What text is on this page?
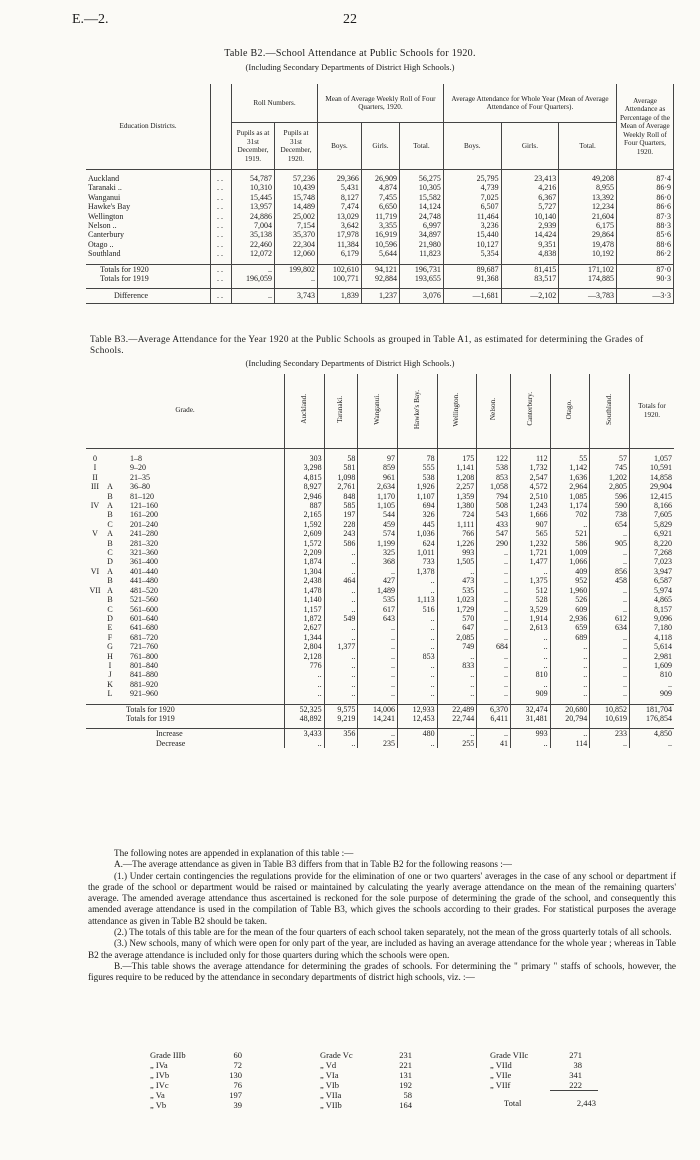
E.—2.	22
Table B2.—School Attendance at Public Schools for 1920.
(Including Secondary Departments of District High Schools.)
Education Districts.		Roll Numbers.		Mean of Average Weekly Roll of Four Quarters, 1920.			Average Attendance for Whole Year (Mean of Average Attendance of Four Quarters).			Average Attendance as Percentage of the Mean of Average Weekly Roll of Four Quarters, 1920.
		Pupils as at 31st December, 1919.	Pupils at 31st December, 1920.	Boys.	Girls.	Total.	Boys.	Girls.	Total.	

Auckland	..	54,787	57,236	29,366	26,909	56,275	25,795	23,413	49,208	87·4
Taranaki ..	..	10,310	10,439	5,431	4,874	10,305	4,739	4,216	8,955	86·9
Wanganui	..	15,445	15,748	8,127	7,455	15,582	7,025	6,367	13,392	86·0
Hawke's Bay	..	13,957	14,489	7,474	6,650	14,124	6,507	5,727	12,234	86·6
Wellington	..	24,886	25,002	13,029	11,719	24,748	11,464	10,140	21,604	87·3
Nelson ..	..	7,004	7,154	3,642	3,355	6,997	3,236	2,939	6,175	88·3
Canterbury	..	35,138	35,370	17,978	16,919	34,897	15,440	14,424	29,864	85·6
Otago ..	..	22,460	22,304	11,384	10,596	21,980	10,127	9,351	19,478	88·6
Southland	..	12,072	12,060	6,179	5,644	11,823	5,354	4,838	10,192	86·2

Totals for 1920	..	..	199,802	102,610	94,121	196,731	89,687	81,415	171,102	87·0
Totals for 1919	..	196,059	..	100,771	92,884	193,655	91,368	83,517	174,885	90·3

Difference	..	..	3,743	1,839	1,237	3,076	—1,681	—2,102	—3,783	—3·3
Table B3.—Average Attendance for the Year 1920 at the Public Schools as grouped in Table A1, as estimated for determining the Grades of Schools.
(Including Secondary Departments of District High Schools.)
Grade.					Auckland.	Taranaki.	Wanganui.	Hawke's Bay.	Wellington.	Nelson.	Canterbury.	Otago.	Southland.	Totals for 1920.

0		1–8			303	58	97	78	175	122	112	55	57	1,057
I		9–20			3,298	581	859	555	1,141	538	1,732	1,142	745	10,591
II		21–35			4,815	1,098	961	538	1,208	853	2,547	1,636	1,202	14,858
III	A	36–80			8,927	2,761	2,634	1,926	2,257	1,058	4,572	2,964	2,805	29,904
	B	81–120			2,946	848	1,170	1,107	1,359	794	2,510	1,085	596	12,415
IV	A	121–160			887	585	1,105	694	1,380	508	1,243	1,174	590	8,166
	B	161–200			2,165	197	544	326	724	543	1,666	702	738	7,605
	C	201–240			1,592	228	459	445	1,111	433	907	..	654	5,829
V	A	241–280			2,609	243	574	1,036	766	547	565	521	..	6,921
	B	281–320			1,572	586	1,199	624	1,226	290	1,232	586	905	8,220
	C	321–360			2,209	..	325	1,011	993	..	1,721	1,009	..	7,268
	D	361–400			1,874	..	368	733	1,505	..	1,477	1,066	..	7,023
VI	A	401–440			1,304	..	..	1,378	..	..	..	409	856	3,947
	B	441–480			2,438	464	427	..	473	..	1,375	952	458	6,587
VII	A	481–520			1,478	..	1,489	..	535	..	512	1,960	..	5,974
	B	521–560			1,140	..	535	1,113	1,023	..	528	526	..	4,865
	C	561–600			1,157	..	617	516	1,729	..	3,529	609	..	8,157
	D	601–640			1,872	549	643	..	570	..	1,914	2,936	612	9,096
	E	641–680			2,627	..	..	..	647	..	2,613	659	634	7,180
	F	681–720			1,344	..	..	..	2,085	..	..	689	..	4,118
	G	721–760			2,804	1,377	..	..	749	684	..	..	..	5,614
	H	761–800			2,128	..	..	853	..	..	..	..	..	2,981
	I	801–840			776	..	..	..	833	..	..	..	..	1,609
	J	841–880			..	..	..	..	..	..	810	..	..	810
	K	881–920			..	..	..	..	..	..	..	..	..	..
	L	921–960			..	..	..	..	..	..	909	..	..	909

Totals for 1920					52,325	9,575	14,006	12,933	22,489	6,370	32,474	20,680	10,852	181,704
Totals for 1919					48,892	9,219	14,241	12,453	22,744	6,411	31,481	20,794	10,619	176,854

Increase					3,433	356	..	480	..	..	993	..	233	4,850
Decrease					..	..	235	..	255	41	..	114	..	..

The following notes are appended in explanation of this table :—

A.—The average attendance as given in Table B3 differs from that in Table B2 for the following reasons :—

(1.) Under certain contingencies the regulations provide for the elimination of one or two quarters' averages in the case of any school or department if the grade of the school or department would be raised or maintained by calculating the yearly average attendance on the mean of the remaining quarters' average. The amended average attendance thus ascertained is reckoned for the sole purpose of determining the grade of the school, and consequently this amended average attendance is used in the compilation of Table B3, which gives the schools according to their grades. For statistical purposes the average attendance as given in Table B2 should be taken.

(2.) The totals of this table are for the mean of the four quarters of each school taken separately, not the mean of the gross quarterly totals of all schools.

(3.) New schools, many of which were open for only part of the year, are included as having an average attendance for the whole year ; whereas in Table B2 the average attendance is included only for those quarters during which the schools were open.

B.—This table shows the average attendance for determining the grades of schools. For determining the " primary " staffs of schools, however, the figures require to be reduced by the attendance in secondary departments of district high schools, viz. :—

Grade IIIb	60
„ IVa	72
„ IVb	130
„ IVc	76
„ Va	197
„ Vb	39
Grade Vc	231
„ Vd	221
„ VIa	131
„ VIb	192
„ VIIa	58
„ VIIb	164
Grade VIIc	271
„ VIId	38
„ VIIe	341
„ VIIf	222
Total	2,443
